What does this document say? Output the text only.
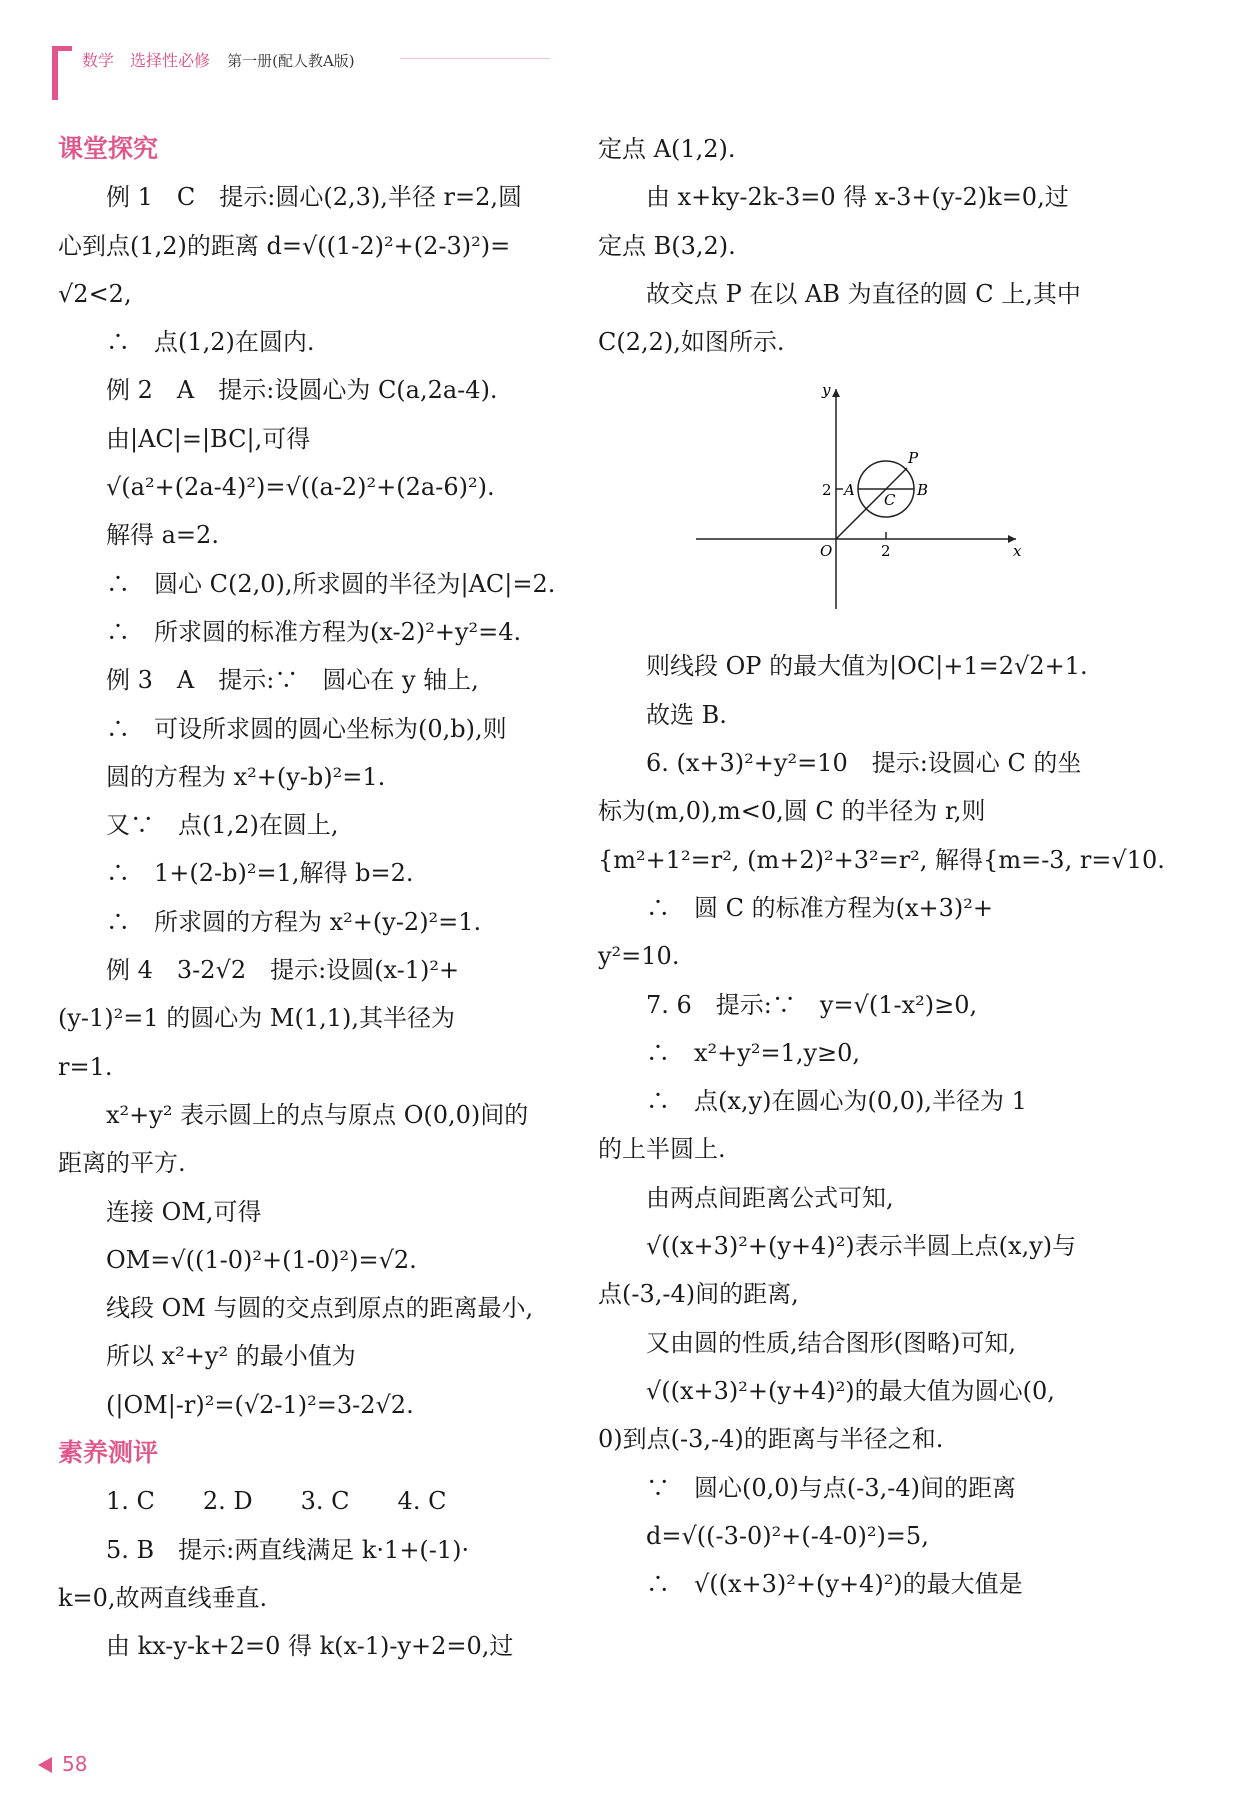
数学　选择性必修 第一册(配人教A版)
课堂探究
　　例 1　C　提示:圆心(2,3),半径 r=2,圆
心到点(1,2)的距离 d=√((1-2)²+(2-3)²)=
√2<2,
　　∴　点(1,2)在圆内.
　　例 2　A　提示:设圆心为 C(a,2a-4).
　　由|AC|=|BC|,可得
　　√(a²+(2a-4)²)=√((a-2)²+(2a-6)²).
　　解得 a=2.
　　∴　圆心 C(2,0),所求圆的半径为|AC|=2.
　　∴　所求圆的标准方程为(x-2)²+y²=4.
　　例 3　A　提示:∵　圆心在 y 轴上,
　　∴　可设所求圆的圆心坐标为(0,b),则
　　圆的方程为 x²+(y-b)²=1.
　　又∵　点(1,2)在圆上,
　　∴　1+(2-b)²=1,解得 b=2.
　　∴　所求圆的方程为 x²+(y-2)²=1.
　　例 4　3-2√2　提示:设圆(x-1)²+
(y-1)²=1 的圆心为 M(1,1),其半径为
r=1.
　　x²+y² 表示圆上的点与原点 O(0,0)间的
距离的平方.
　　连接 OM,可得
　　OM=√((1-0)²+(1-0)²)=√2.
　　线段 OM 与圆的交点到原点的距离最小,
　　所以 x²+y² 的最小值为
　　(|OM|-r)²=(√2-1)²=3-2√2.
素养测评
　　1. C　　2. D　　3. C　　4. C
　　5. B　提示:两直线满足 k·1+(-1)·
k=0,故两直线垂直.
　　由 kx-y-k+2=0 得 k(x-1)-y+2=0,过
定点 A(1,2).
　　由 x+ky-2k-3=0 得 x-3+(y-2)k=0,过
定点 B(3,2).
　　故交点 P 在以 AB 为直径的圆 C 上,其中
C(2,2),如图所示.
y
x
O	2
2 A	B
C
P
　　则线段 OP 的最大值为|OC|+1=2√2+1.
　　故选 B.
　　6. (x+3)²+y²=10　提示:设圆心 C 的坐
标为(m,0),m<0,圆 C 的半径为 r,则
{m²+1²=r², (m+2)²+3²=r², 解得{m=-3, r=√10.
　　∴　圆 C 的标准方程为(x+3)²+
y²=10.
　　7. 6　提示:∵　y=√(1-x²)≥0,
　　∴　x²+y²=1,y≥0,
　　∴　点(x,y)在圆心为(0,0),半径为 1
的上半圆上.
　　由两点间距离公式可知,
　　√((x+3)²+(y+4)²)表示半圆上点(x,y)与
点(-3,-4)间的距离,
　　又由圆的性质,结合图形(图略)可知,
　　√((x+3)²+(y+4)²)的最大值为圆心(0,
0)到点(-3,-4)的距离与半径之和.
　　∵　圆心(0,0)与点(-3,-4)间的距离
　　d=√((-3-0)²+(-4-0)²)=5,
　　∴　√((x+3)²+(y+4)²)的最大值是
58
